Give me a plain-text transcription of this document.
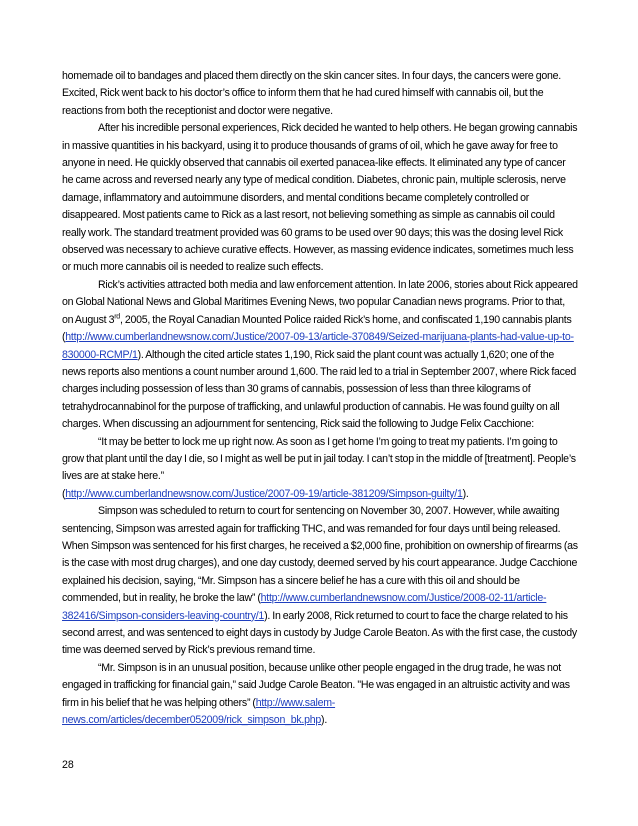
homemade oil to bandages and placed them directly on the skin cancer sites. In four days, the cancers were gone. Excited, Rick went back to his doctor’s office to inform them that he had cured himself with cannabis oil, but the reactions from both the receptionist and doctor were negative.

After his incredible personal experiences, Rick decided he wanted to help others. He began growing cannabis in massive quantities in his backyard, using it to produce thousands of grams of oil, which he gave away for free to anyone in need. He quickly observed that cannabis oil exerted panacea-like effects. It eliminated any type of cancer he came across and reversed nearly any type of medical condition. Diabetes, chronic pain, multiple sclerosis, nerve damage, inflammatory and autoimmune disorders, and mental conditions became completely controlled or disappeared. Most patients came to Rick as a last resort, not believing something as simple as cannabis oil could really work. The standard treatment provided was 60 grams to be used over 90 days; this was the dosing level Rick observed was necessary to achieve curative effects. However, as massing evidence indicates, sometimes much less or much more cannabis oil is needed to realize such effects.

Rick’s activities attracted both media and law enforcement attention. In late 2006, stories about Rick appeared on Global National News and Global Maritimes Evening News, two popular Canadian news programs. Prior to that, on August 3rd, 2005, the Royal Canadian Mounted Police raided Rick’s home, and confiscated 1,190 cannabis plants (http://www.cumberlandnewsnow.com/Justice/2007-09-13/article-370849/Seized-marijuana-plants-had-value-up-to-830000-RCMP/1). Although the cited article states 1,190, Rick said the plant count was actually 1,620; one of the news reports also mentions a count number around 1,600. The raid led to a trial in September 2007, where Rick faced charges including possession of less than 30 grams of cannabis, possession of less than three kilograms of tetrahydrocannabinol for the purpose of trafficking, and unlawful production of cannabis. He was found guilty on all charges. When discussing an adjournment for sentencing, Rick said the following to Judge Felix Cacchione:

“It may be better to lock me up right now. As soon as I get home I’m going to treat my patients. I’m going to grow that plant until the day I die, so I might as well be put in jail today. I can’t stop in the middle of [treatment]. People’s lives are at stake here.”

(http://www.cumberlandnewsnow.com/Justice/2007-09-19/article-381209/Simpson-guilty/1).

Simpson was scheduled to return to court for sentencing on November 30, 2007. However, while awaiting sentencing, Simpson was arrested again for trafficking THC, and was remanded for four days until being released. When Simpson was sentenced for his first charges, he received a $2,000 fine, prohibition on ownership of firearms (as is the case with most drug charges), and one day custody, deemed served by his court appearance. Judge Cacchione explained his decision, saying, “Mr. Simpson has a sincere belief he has a cure with this oil and should be commended, but in reality, he broke the law” (http://www.cumberlandnewsnow.com/Justice/2008-02-11/article-382416/Simpson-considers-leaving-country/1). In early 2008, Rick returned to court to face the charge related to his second arrest, and was sentenced to eight days in custody by Judge Carole Beaton. As with the first case, the custody time was deemed served by Rick’s previous remand time.

“Mr. Simpson is in an unusual position, because unlike other people engaged in the drug trade, he was not engaged in trafficking for financial gain,” said Judge Carole Beaton. "He was engaged in an altruistic activity and was firm in his belief that he was helping others” (http://www.salem-news.com/articles/december052009/rick_simpson_bk.php).

28
